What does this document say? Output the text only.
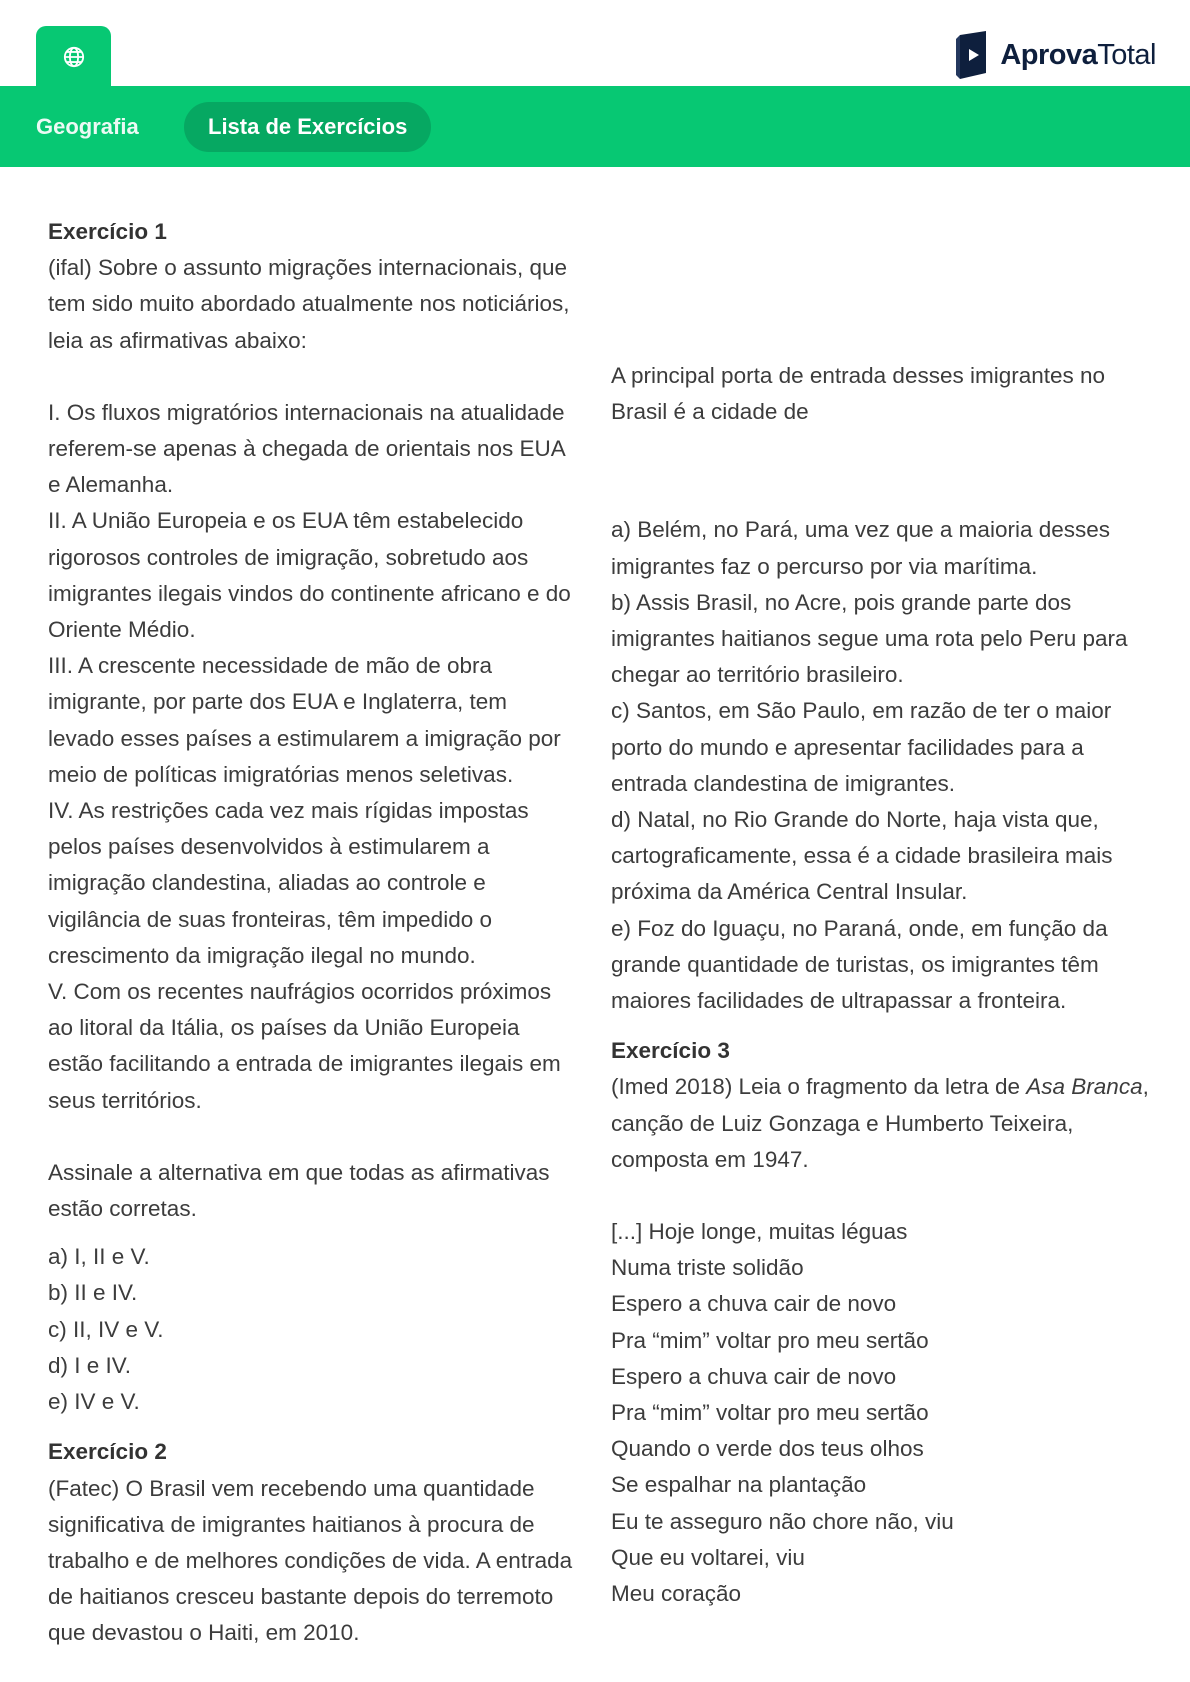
AprovaTotal
Geografia	Lista de Exercícios
Exercício 1

(ifal) Sobre o assunto migrações internacionais, que tem sido muito abordado atualmente nos noticiários, leia as afirmativas abaixo:

I. Os fluxos migratórios internacionais na atualidade referem-se apenas à chegada de orientais nos EUA e Alemanha.

II. A União Europeia e os EUA têm estabelecido rigorosos controles de imigração, sobretudo aos imigrantes ilegais vindos do continente africano e do Oriente Médio.

III. A crescente necessidade de mão de obra imigrante, por parte dos EUA e Inglaterra, tem levado esses países a estimularem a imigração por meio de políticas imigratórias menos seletivas.

IV. As restrições cada vez mais rígidas impostas pelos países desenvolvidos à estimularem a imigração clandestina, aliadas ao controle e vigilância de suas fronteiras, têm impedido o crescimento da imigração ilegal no mundo.

V. Com os recentes naufrágios ocorridos próximos ao litoral da Itália, os países da União Europeia estão facilitando a entrada de imigrantes ilegais em seus territórios.

Assinale a alternativa em que todas as afirmativas estão corretas.

a) I, II e V.

b) II e IV.

c) II, IV e V.

d) I e IV.

e) IV e V.

Exercício 2

(Fatec) O Brasil vem recebendo uma quantidade significativa de imigrantes haitianos à procura de trabalho e de melhores condições de vida. A entrada de haitianos cresceu bastante depois do terremoto que devastou o Haiti, em 2010.

A principal porta de entrada desses imigrantes no Brasil é a cidade de

a) Belém, no Pará, uma vez que a maioria desses imigrantes faz o percurso por via marítima.

b) Assis Brasil, no Acre, pois grande parte dos imigrantes haitianos segue uma rota pelo Peru para chegar ao território brasileiro.

c) Santos, em São Paulo, em razão de ter o maior porto do mundo e apresentar facilidades para a entrada clandestina de imigrantes.

d) Natal, no Rio Grande do Norte, haja vista que, cartograficamente, essa é a cidade brasileira mais próxima da América Central Insular.

e) Foz do Iguaçu, no Paraná, onde, em função da grande quantidade de turistas, os imigrantes têm maiores facilidades de ultrapassar a fronteira.

Exercício 3

(Imed 2018) Leia o fragmento da letra de Asa Branca, canção de Luiz Gonzaga e Humberto Teixeira, composta em 1947.

[...] Hoje longe, muitas léguas

Numa triste solidão

Espero a chuva cair de novo

Pra “mim” voltar pro meu sertão

Espero a chuva cair de novo

Pra “mim” voltar pro meu sertão

Quando o verde dos teus olhos

Se espalhar na plantação

Eu te asseguro não chore não, viu

Que eu voltarei, viu

Meu coração
